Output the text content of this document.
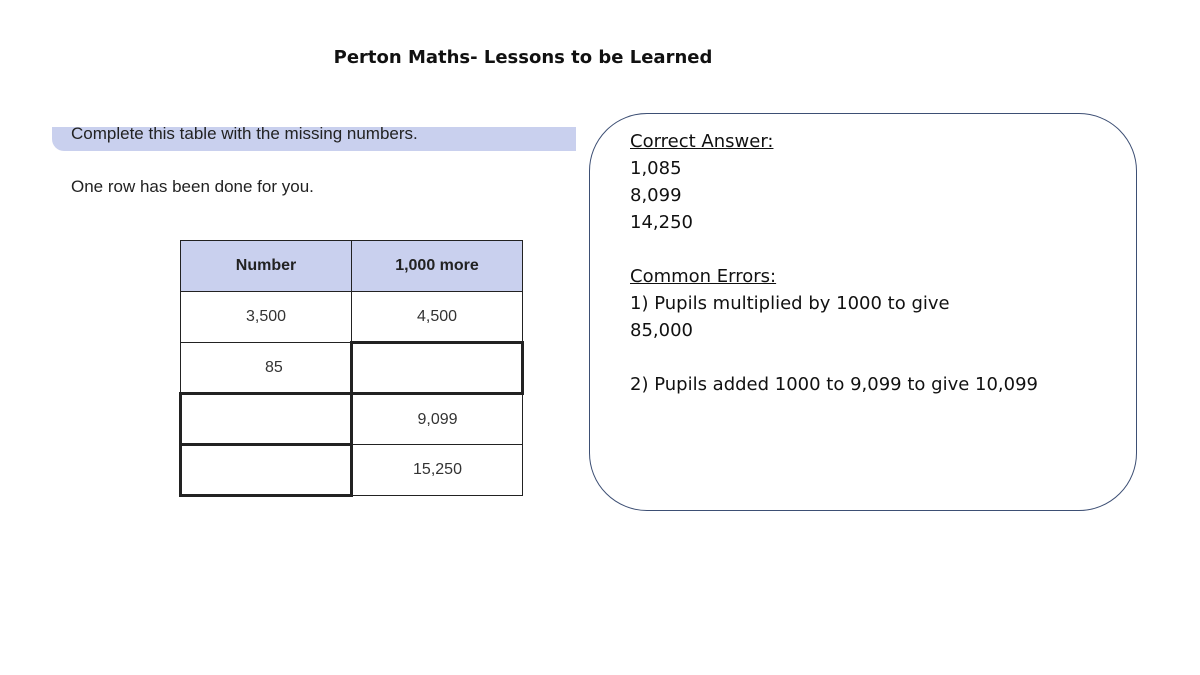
Perton Maths- Lessons to be Learned
Complete this table with the missing numbers.
One row has been done for you.
Number	1,000 more
3,500	4,500
85	
	9,099
	15,250
Correct Answer:
1,085
8,099
14,250
Common Errors:
1) Pupils multiplied by 1000 to give
85,000
2) Pupils added 1000 to 9,099 to give 10,099
